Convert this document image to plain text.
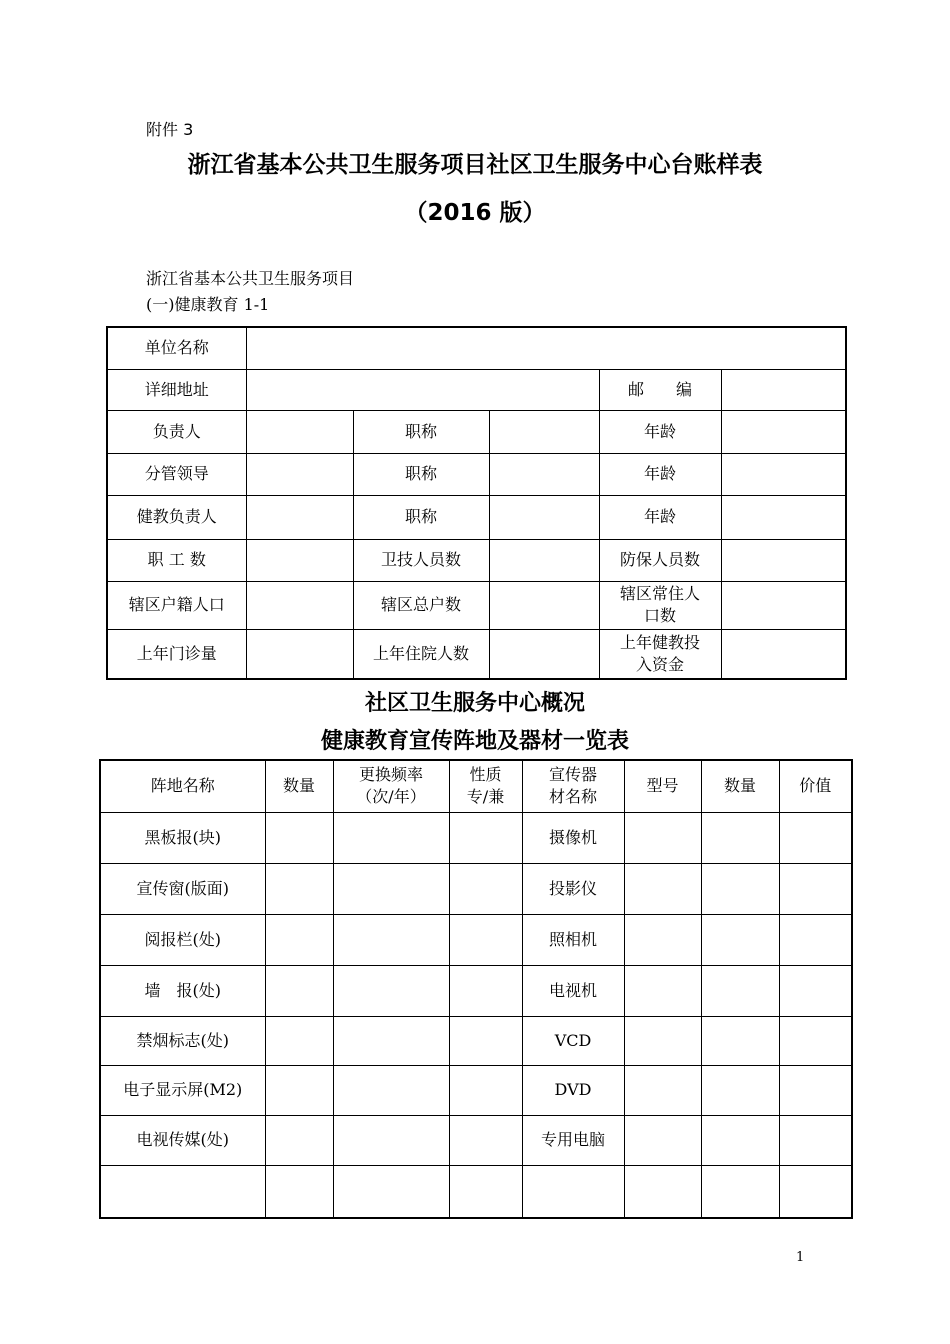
附件 3
浙江省基本公共卫生服务项目社区卫生服务中心台账样表
（2016 版）
浙江省基本公共卫生服务项目
(一)健康教育 1-1
单位名称					
详细地址				邮　　编	
负责人		职称		年龄	
分管领导		职称		年龄	
健教负责人		职称		年龄	
职 工 数		卫技人员数		防保人员数	
辖区户籍人口		辖区总户数		辖区常住人口数	
上年门诊量		上年住院人数		上年健教投入资金	
社区卫生服务中心概况
健康教育宣传阵地及器材一览表
阵地名称	数量	更换频率（次/年）	性质专/兼	宣传器材名称	型号	数量	价值
黑板报(块)				摄像机			
宣传窗(版面)				投影仪			
阅报栏(处)				照相机			
墙　报(处)				电视机			
禁烟标志(处)				VCD			
电子显示屏(M2)				DVD			
电视传媒(处)				专用电脑			

1
